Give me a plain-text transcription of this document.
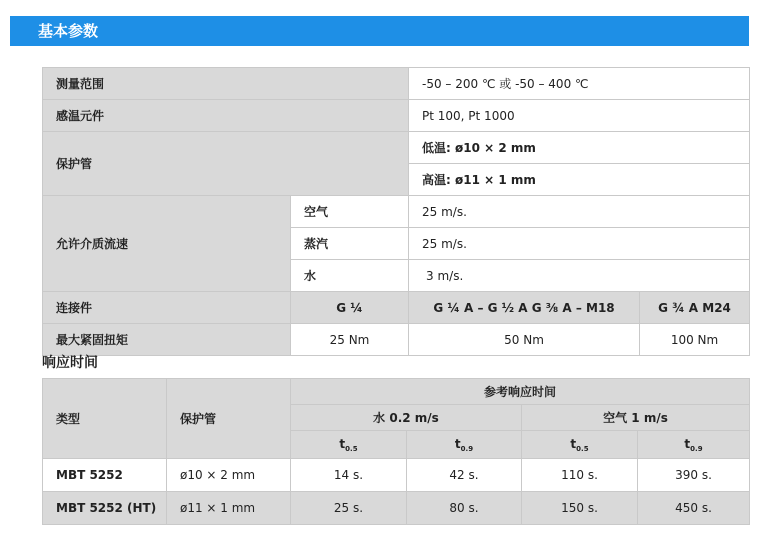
基本参数
测量范围		-50 – 200 ℃ 或 -50 – 400 ℃	
感温元件		Pt 100, Pt 1000	
保护管		低温: ø10 × 2 mm	
		高温: ø11 × 1 mm	
允许介质流速	空气	25 m/s.	
	蒸汽	25 m/s.	
	水	3 m/s.	
连接件	G ¼	G ¼ A – G ½ A G ⅜ A – M18	G ¾ A M24
最大紧固扭矩	25 Nm	50 Nm	100 Nm
响应时间
类型	保护管	参考响应时间			
		水 0.2 m/s		空气 1 m/s	
		$t_{0.5}$	$t_{0.9}$	$t_{0.5}$	$t_{0.9}$
MBT 5252	ø10 × 2 mm	14 s.	42 s.	110 s.	390 s.
MBT 5252 (HT)	ø11 × 1 mm	25 s.	80 s.	150 s.	450 s.
